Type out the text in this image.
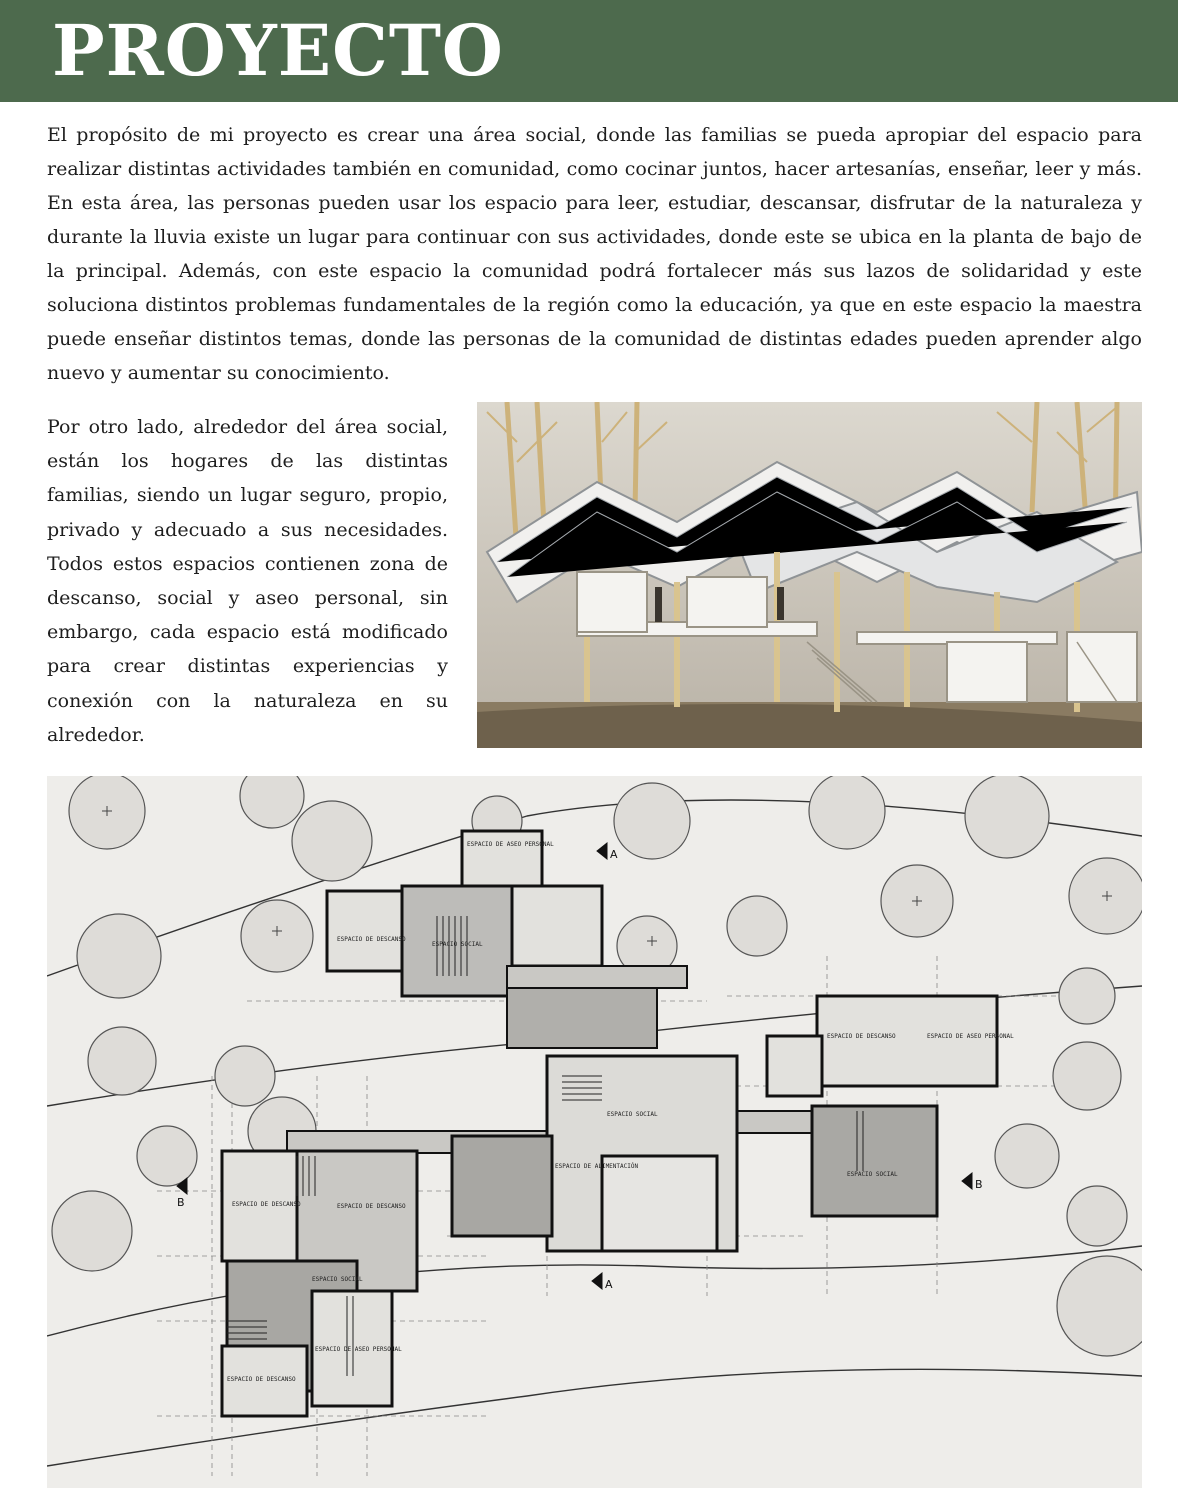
PROYECTO

El propósito de mi proyecto es crear una área social, donde las familias se pueda apropiar del espacio para realizar distintas actividades también en comunidad, como cocinar juntos, hacer artesanías, enseñar, leer y más. En esta área, las personas pueden usar los espacio para leer, estudiar, descansar, disfrutar de la naturaleza y durante la lluvia existe un lugar para continuar con sus actividades, donde este se ubica en la planta de bajo de la principal. Además, con este espacio la comunidad podrá fortalecer más sus lazos de solidaridad y este soluciona distintos problemas fundamentales de la región como la educación, ya que en este espacio la maestra puede enseñar distintos temas, donde las personas de la comunidad de distintas edades pueden aprender algo nuevo y aumentar su conocimiento.

Por otro lado, alrededor del área social, están los hogares de las distintas familias, siendo un lugar seguro, propio, privado y adecuado a sus necesidades. Todos estos espacios contienen zona de descanso, social y aseo personal, sin embargo, cada espacio está modificado para crear distintas experiencias y conexión con la naturaleza en su alrededor.

ESPACIO SOCIAL
ESPACIO DE DESCANSO
ESPACIO DE ASEO PERSONAL
ESPACIO SOCIAL
ESPACIO DE ALIMENTACIÓN
ESPACIO SOCIAL
ESPACIO DE DESCANSO	ESPACIO DE ASEO PERSONAL
ESPACIO SOCIAL
ESPACIO DE DESCANSO	ESPACIO DE DESCANSO
ESPACIO DE DESCANSO
ESPACIO DE ASEO PERSONAL
A
A
B
B
